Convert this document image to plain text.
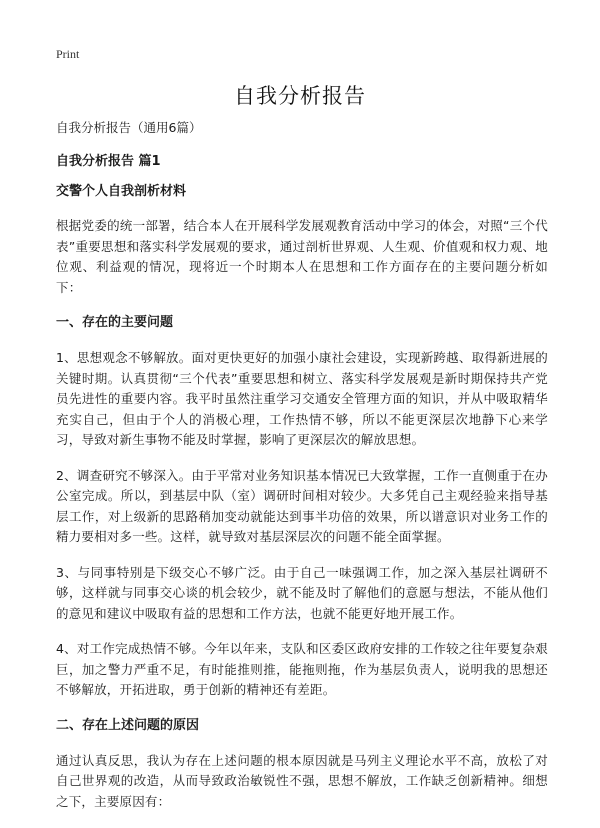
Print
自我分析报告

自我分析报告（通用6篇）

自我分析报告 篇1

交警个人自我剖析材料

根据党委的统一部署，结合本人在开展科学发展观教育活动中学习的体会，对照“三个代表”重要思想和落实科学发展观的要求，通过剖析世界观、人生观、价值观和权力观、地位观、利益观的情况，现将近一个时期本人在思想和工作方面存在的主要问题分析如下：

一、存在的主要问题

1、思想观念不够解放。面对更快更好的加强小康社会建设，实现新跨越、取得新进展的关键时期。认真贯彻“三个代表”重要思想和树立、落实科学发展观是新时期保持共产党员先进性的重要内容。我平时虽然注重学习交通安全管理方面的知识，并从中吸取精华充实自己，但由于个人的消极心理，工作热情不够，所以不能更深层次地静下心来学习，导致对新生事物不能及时掌握，影响了更深层次的解放思想。

2、调查研究不够深入。由于平常对业务知识基本情况已大致掌握，工作一直侧重于在办公室完成。所以，到基层中队（室）调研时间相对较少。大多凭自己主观经验来指导基层工作，对上级新的思路稍加变动就能达到事半功倍的效果，所以谱意识对业务工作的精力要相对多一些。这样，就导致对基层深层次的问题不能全面掌握。

3、与同事特别是下级交心不够广泛。由于自己一味强调工作，加之深入基层社调研不够，这样就与同事交心谈的机会较少，就不能及时了解他们的意愿与想法，不能从他们的意见和建议中吸取有益的思想和工作方法，也就不能更好地开展工作。

4、对工作完成热情不够。今年以年来，支队和区委区政府安排的工作较之往年要复杂艰巨，加之警力严重不足，有时能推则推，能拖则拖，作为基层负责人，说明我的思想还不够解放，开拓进取，勇于创新的精神还有差距。

二、存在上述问题的原因

通过认真反思，我认为存在上述问题的根本原因就是马列主义理论水平不高，放松了对自己世界观的改造，从而导致政治敏锐性不强，思想不解放，工作缺乏创新精神。细想之下，主要原因有：
